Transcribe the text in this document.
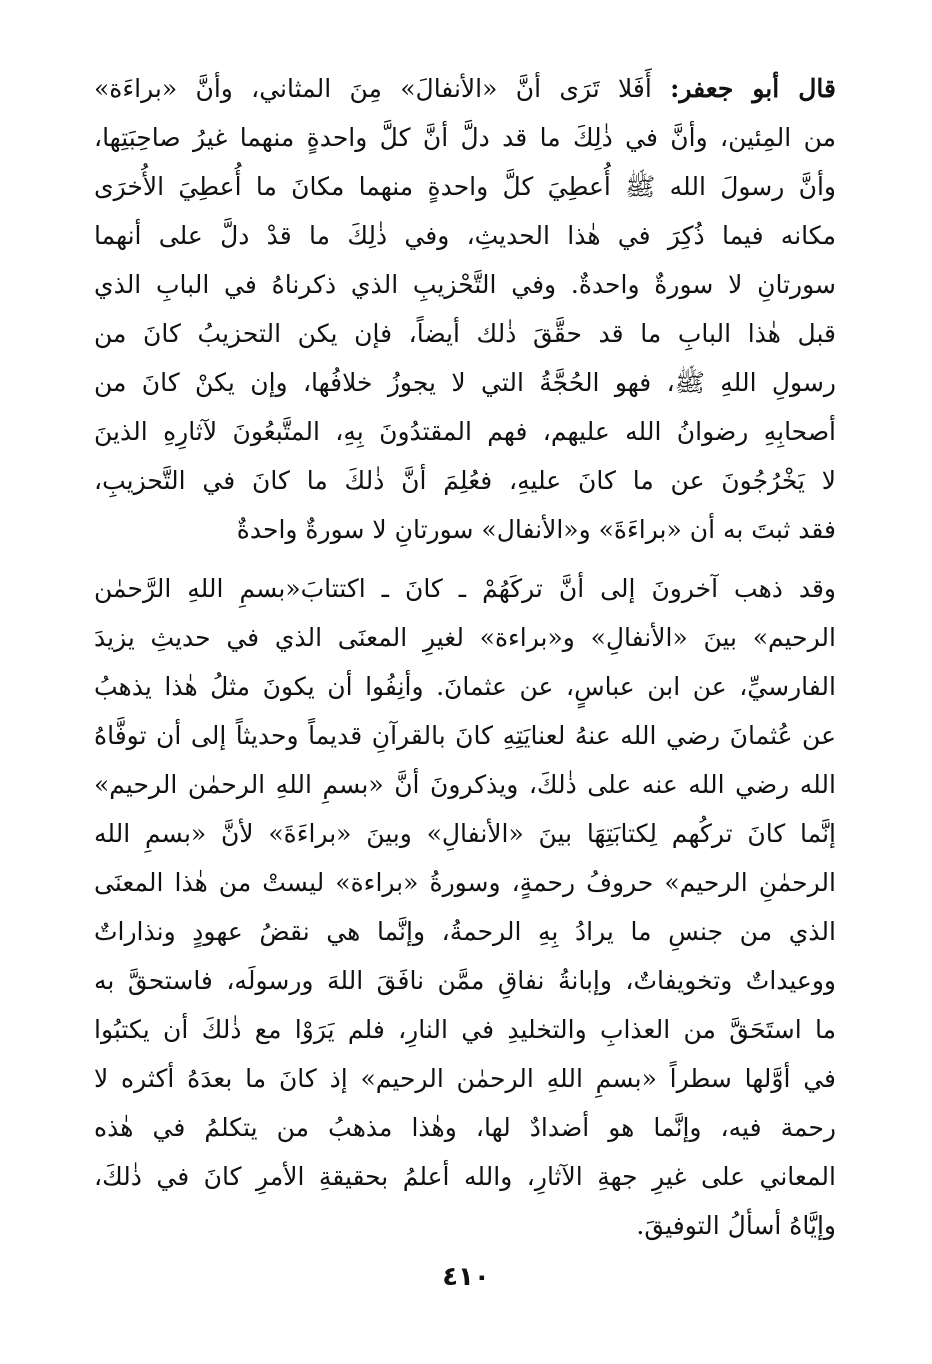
قال أبو جعفر: أَفَلا تَرَى أنَّ «الأنفالَ» مِنَ المثاني، وأنَّ «براءَة»
من المِئين، وأنَّ في ذٰلِكَ ما قد دلَّ أنَّ كلَّ واحدةٍ منهما غيرُ صاحِبَتِها،
وأنَّ رسولَ الله ﷺ أُعطِيَ كلَّ واحدةٍ منهما مكانَ ما أُعطِيَ الأُخرَى
مكانه فيما ذُكِرَ في هٰذا الحديثِ، وفي ذٰلِكَ ما قدْ دلَّ على أنهما
سورتانِ لا سورةٌ واحدةٌ. وفي التَّحْزيبِ الذي ذكرناهُ في البابِ الذي
قبل هٰذا البابِ ما قد حقَّقَ ذٰلك أيضاً، فإن يكن التحزيبُ كانَ من
رسولِ اللهِ ﷺ، فهو الحُجَّةُ التي لا يجوزُ خلافُها، وإن يكنْ كانَ من
أصحابِهِ رضوانُ الله عليهم، فهم المقتدُونَ بِهِ، المتَّبعُونَ لآثارِهِ الذينَ
لا يَخْرُجُونَ عن ما كانَ عليهِ، فعُلِمَ أنَّ ذٰلكَ ما كانَ في التَّحزيبِ،
فقد ثبتَ به أن «براءَةَ» و«الأنفال» سورتانِ لا سورةٌ واحدةٌ
وقد ذهب آخرونَ إلى أنَّ تركَهُمْ ـ كانَ ـ اكتتابَ«بسمِ اللهِ الرَّحمٰن
الرحيم» بينَ «الأنفالِ» و«براءة» لغيرِ المعنَى الذي في حديثِ يزيدَ
الفارسيِّ، عن ابن عباسٍ، عن عثمانَ. وأنِفُوا أن يكونَ مثلُ هٰذا يذهبُ
عن عُثمانَ رضي الله عنهُ لعنايَتِهِ كانَ بالقرآنِ قديماً وحديثاً إلى أن توفَّاهُ
الله رضي الله عنه على ذٰلكَ، ويذكرونَ أنَّ «بسمِ اللهِ الرحمٰن الرحيم»
إنَّما كانَ تركُهم لِكتابَتِهَا بينَ «الأنفالِ» وبينَ «براءَةَ» لأنَّ «بسمِ الله
الرحمٰنِ الرحيم» حروفُ رحمةٍ، وسورةُ «براءة» ليستْ من هٰذا المعنَى
الذي من جنسِ ما يرادُ بِهِ الرحمةُ، وإنَّما هي نقضُ عهودٍ ونذاراتٌ
ووعيداتٌ وتخويفاتٌ، وإبانةُ نفاقِ ممَّن نافَقَ اللهَ ورسولَه، فاستحقَّ به
ما استَحَقَّ من العذابِ والتخليدِ في النارِ، فلم يَرَوْا مع ذٰلكَ أن يكتبُوا
في أوَّلها سطراً «بسمِ اللهِ الرحمٰن الرحيم» إذ كانَ ما بعدَهُ أكثره لا
رحمة فيه، وإنَّما هو أضدادٌ لها، وهٰذا مذهبُ من يتكلمُ في هٰذه
المعاني على غيرِ جهةِ الآثارِ، والله أعلمُ بحقيقةِ الأمرِ كانَ في ذٰلكَ،
وإيَّاهُ أسألُ التوفيقَ.
٤١٠
